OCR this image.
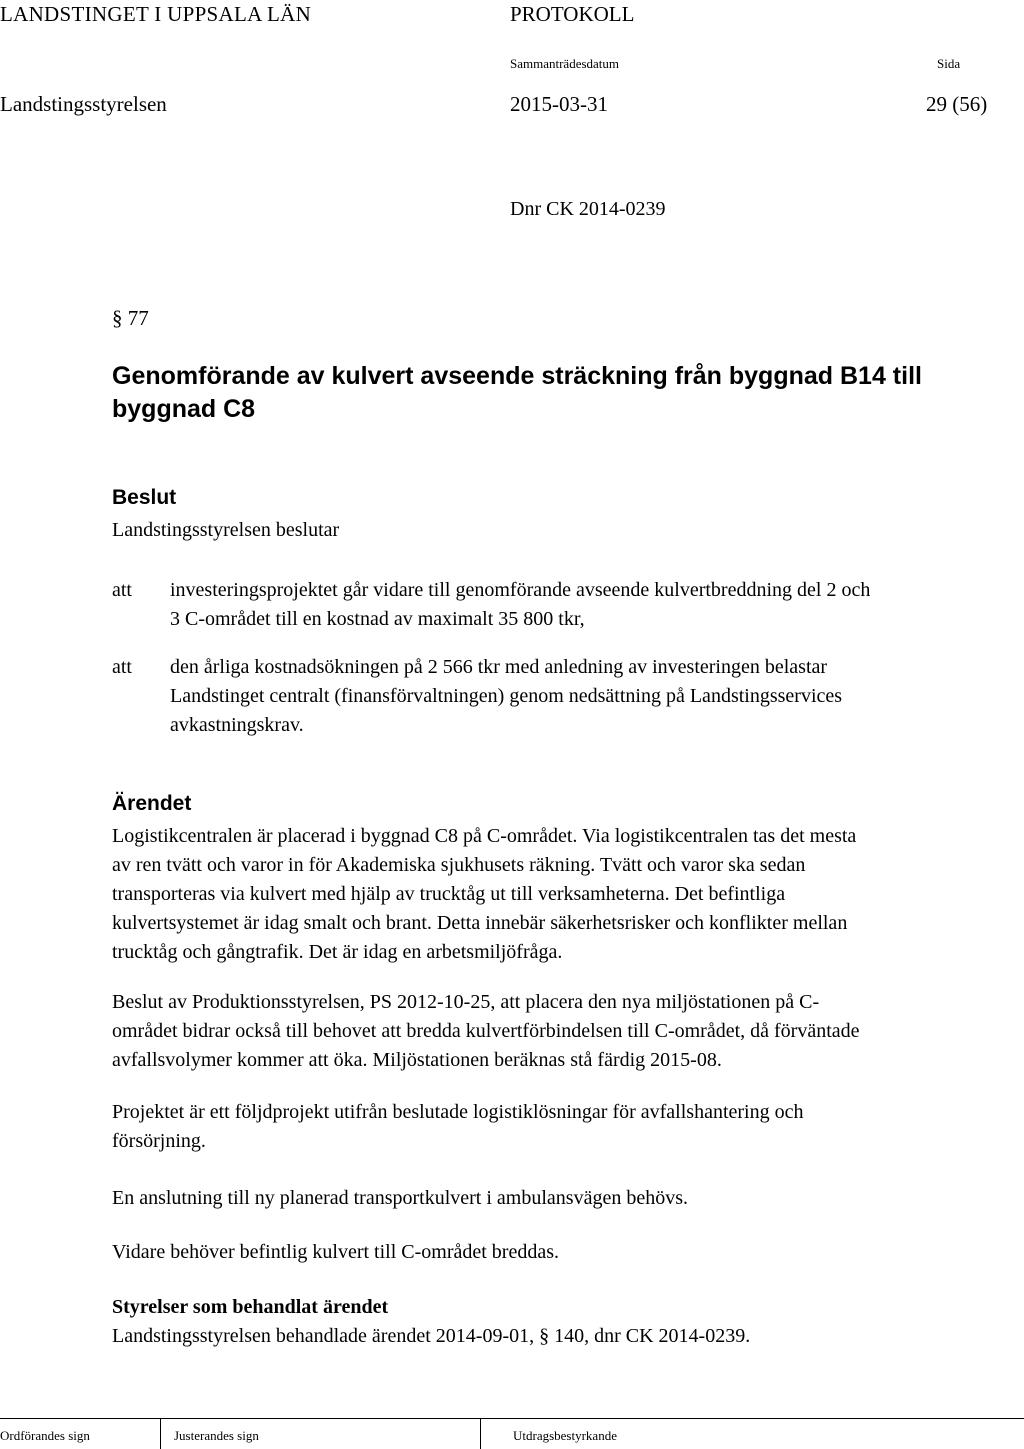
LANDSTINGET I UPPSALA LÄN	PROTOKOLL
Sammanträdesdatum	Sida
Landstingsstyrelsen	2015-03-31	29 (56)
Dnr CK 2014-0239
§ 77
Genomförande av kulvert avseende sträckning från byggnad B14 till
byggnad C8
Beslut
Landstingsstyrelsen beslutar
att investeringsprojektet går vidare till genomförande avseende kulvertbreddning del 2 och
3 C-området till en kostnad av maximalt 35 800 tkr,
att den årliga kostnadsökningen på 2 566 tkr med anledning av investeringen belastar
Landstinget centralt (finansförvaltningen) genom nedsättning på Landstingsservices
avkastningskrav.
Ärendet
Logistikcentralen är placerad i byggnad C8 på C-området. Via logistikcentralen tas det mesta
av ren tvätt och varor in för Akademiska sjukhusets räkning. Tvätt och varor ska sedan
transporteras via kulvert med hjälp av trucktåg ut till verksamheterna. Det befintliga
kulvertsystemet är idag smalt och brant. Detta innebär säkerhetsrisker och konflikter mellan
trucktåg och gångtrafik. Det är idag en arbetsmiljöfråga.
Beslut av Produktionsstyrelsen, PS 2012-10-25, att placera den nya miljöstationen på C-
området bidrar också till behovet att bredda kulvertförbindelsen till C-området, då förväntade
avfallsvolymer kommer att öka. Miljöstationen beräknas stå färdig 2015-08.
Projektet är ett följdprojekt utifrån beslutade logistiklösningar för avfallshantering och
försörjning.
En anslutning till ny planerad transportkulvert i ambulansvägen behövs.
Vidare behöver befintlig kulvert till C-området breddas.
Styrelser som behandlat ärendet
Landstingsstyrelsen behandlade ärendet 2014-09-01, § 140, dnr CK 2014-0239.
Ordförandes sign	Justerandes sign	Utdragsbestyrkande
